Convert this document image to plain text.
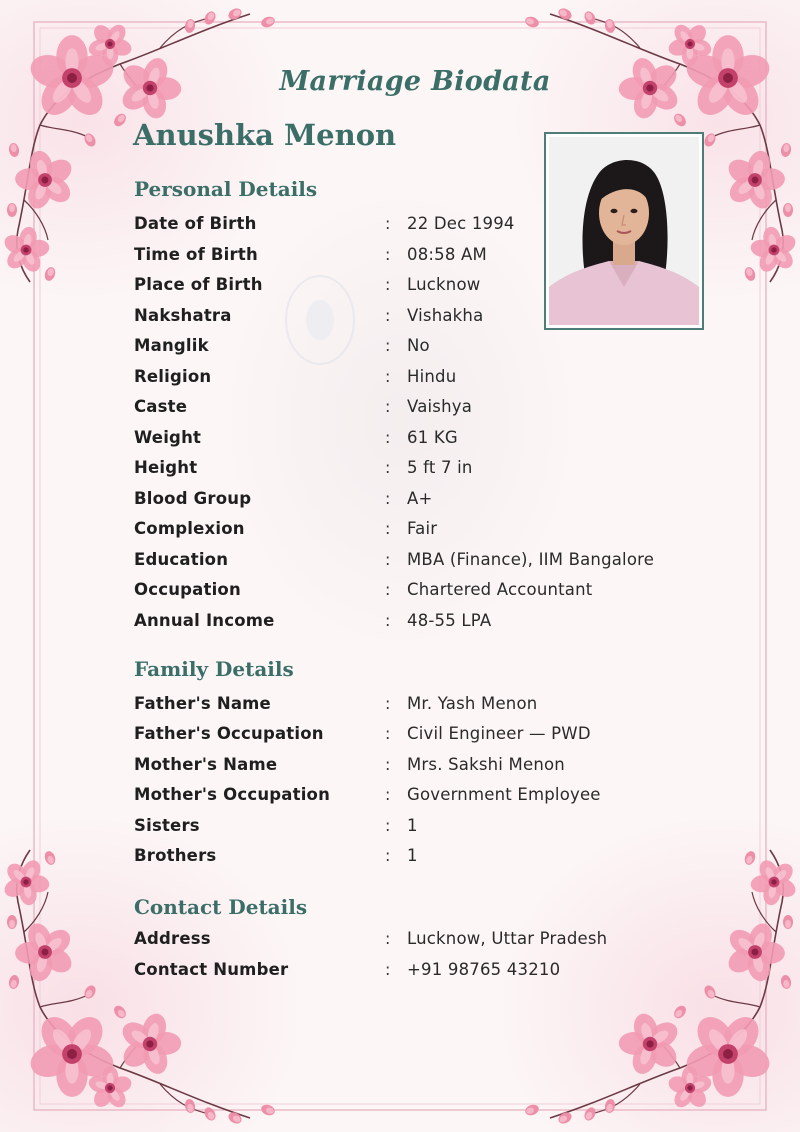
Marriage Biodata
Anushka Menon
Personal Details
Date of Birth	: 22 Dec 1994
Time of Birth	: 08:58 AM
Place of Birth	: Lucknow
Nakshatra	: Vishakha
Manglik	: No
Religion	: Hindu
Caste	: Vaishya
Weight	: 61 KG
Height	: 5 ft 7 in
Blood Group	: A+
Complexion	: Fair
Education	: MBA (Finance), IIM Bangalore
Occupation	: Chartered Accountant
Annual Income	: 48-55 LPA
Family Details
Father's Name	: Mr. Yash Menon
Father's Occupation	: Civil Engineer — PWD
Mother's Name	: Mrs. Sakshi Menon
Mother's Occupation	: Government Employee
Sisters	: 1
Brothers	: 1
Contact Details
Address	: Lucknow, Uttar Pradesh
Contact Number	: +91 98765 43210
